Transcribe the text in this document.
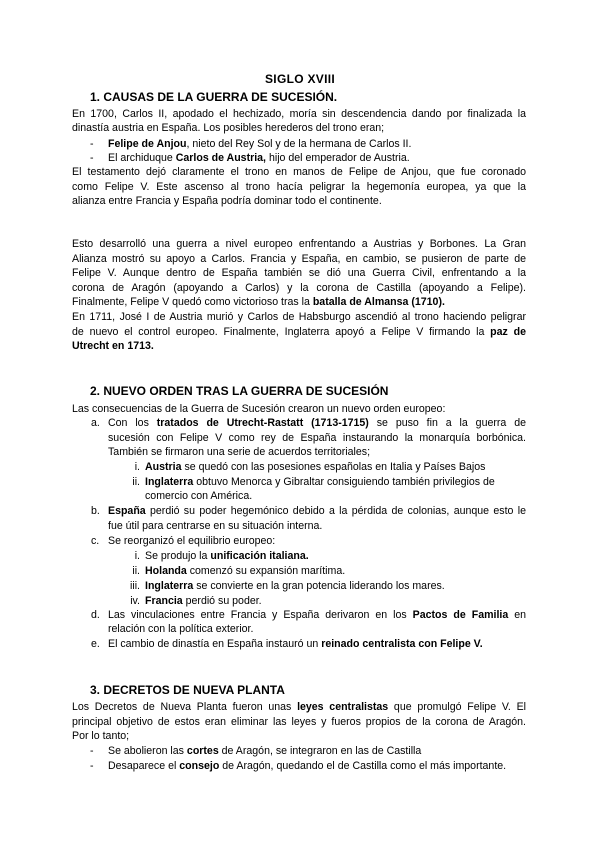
SIGLO XVIII
1. CAUSAS DE LA GUERRA DE SUCESIÓN.
En 1700, Carlos II, apodado el hechizado, moría sin descendencia dando por finalizada la
dinastía austria en España. Los posibles herederos del trono eran;
- Felipe de Anjou, nieto del Rey Sol y de la hermana de Carlos II.
- El archiduque Carlos de Austria, hijo del emperador de Austria.
El testamento dejó claramente el trono en manos de Felipe de Anjou, que fue coronado
como Felipe V. Este ascenso al trono hacía peligrar la hegemonía europea, ya que la
alianza entre Francia y España podría dominar todo el continente.
Esto desarrolló una guerra a nivel europeo enfrentando a Austrias y Borbones. La Gran
Alianza mostró su apoyo a Carlos. Francia y España, en cambio, se pusieron de parte de
Felipe V. Aunque dentro de España también se dió una Guerra Civil, enfrentando a la
corona de Aragón (apoyando a Carlos) y la corona de Castilla (apoyando a Felipe).
Finalmente, Felipe V quedó como victorioso tras la batalla de Almansa (1710).
En 1711, José I de Austria murió y Carlos de Habsburgo ascendió al trono haciendo peligrar
de nuevo el control europeo. Finalmente, Inglaterra apoyó a Felipe V firmando la paz de
Utrecht en 1713.
2. NUEVO ORDEN TRAS LA GUERRA DE SUCESIÓN
Las consecuencias de la Guerra de Sucesión crearon un nuevo orden europeo:
a. Con los tratados de Utrecht-Rastatt (1713-1715) se puso fin a la guerra de
sucesión con Felipe V como rey de España instaurando la monarquía borbónica.
También se firmaron una serie de acuerdos territoriales;
i. Austria se quedó con las posesiones españolas en Italia y Países Bajos
ii. Inglaterra obtuvo Menorca y Gibraltar consiguiendo también privilegios de
comercio con América.
b. España perdió su poder hegemónico debido a la pérdida de colonias, aunque esto le
fue útil para centrarse en su situación interna.
c. Se reorganizó el equilibrio europeo:
i. Se produjo la unificación italiana.
ii. Holanda comenzó su expansión marítima.
iii. Inglaterra se convierte en la gran potencia liderando los mares.
iv. Francia perdió su poder.
d. Las vinculaciones entre Francia y España derivaron en los Pactos de Familia en
relación con la política exterior.
e. El cambio de dinastía en España instauró un reinado centralista con Felipe V.
3. DECRETOS DE NUEVA PLANTA
Los Decretos de Nueva Planta fueron unas leyes centralistas que promulgó Felipe V. El
principal objetivo de estos eran eliminar las leyes y fueros propios de la corona de Aragón.
Por lo tanto;
- Se abolieron las cortes de Aragón, se integraron en las de Castilla
- Desaparece el consejo de Aragón, quedando el de Castilla como el más importante.
